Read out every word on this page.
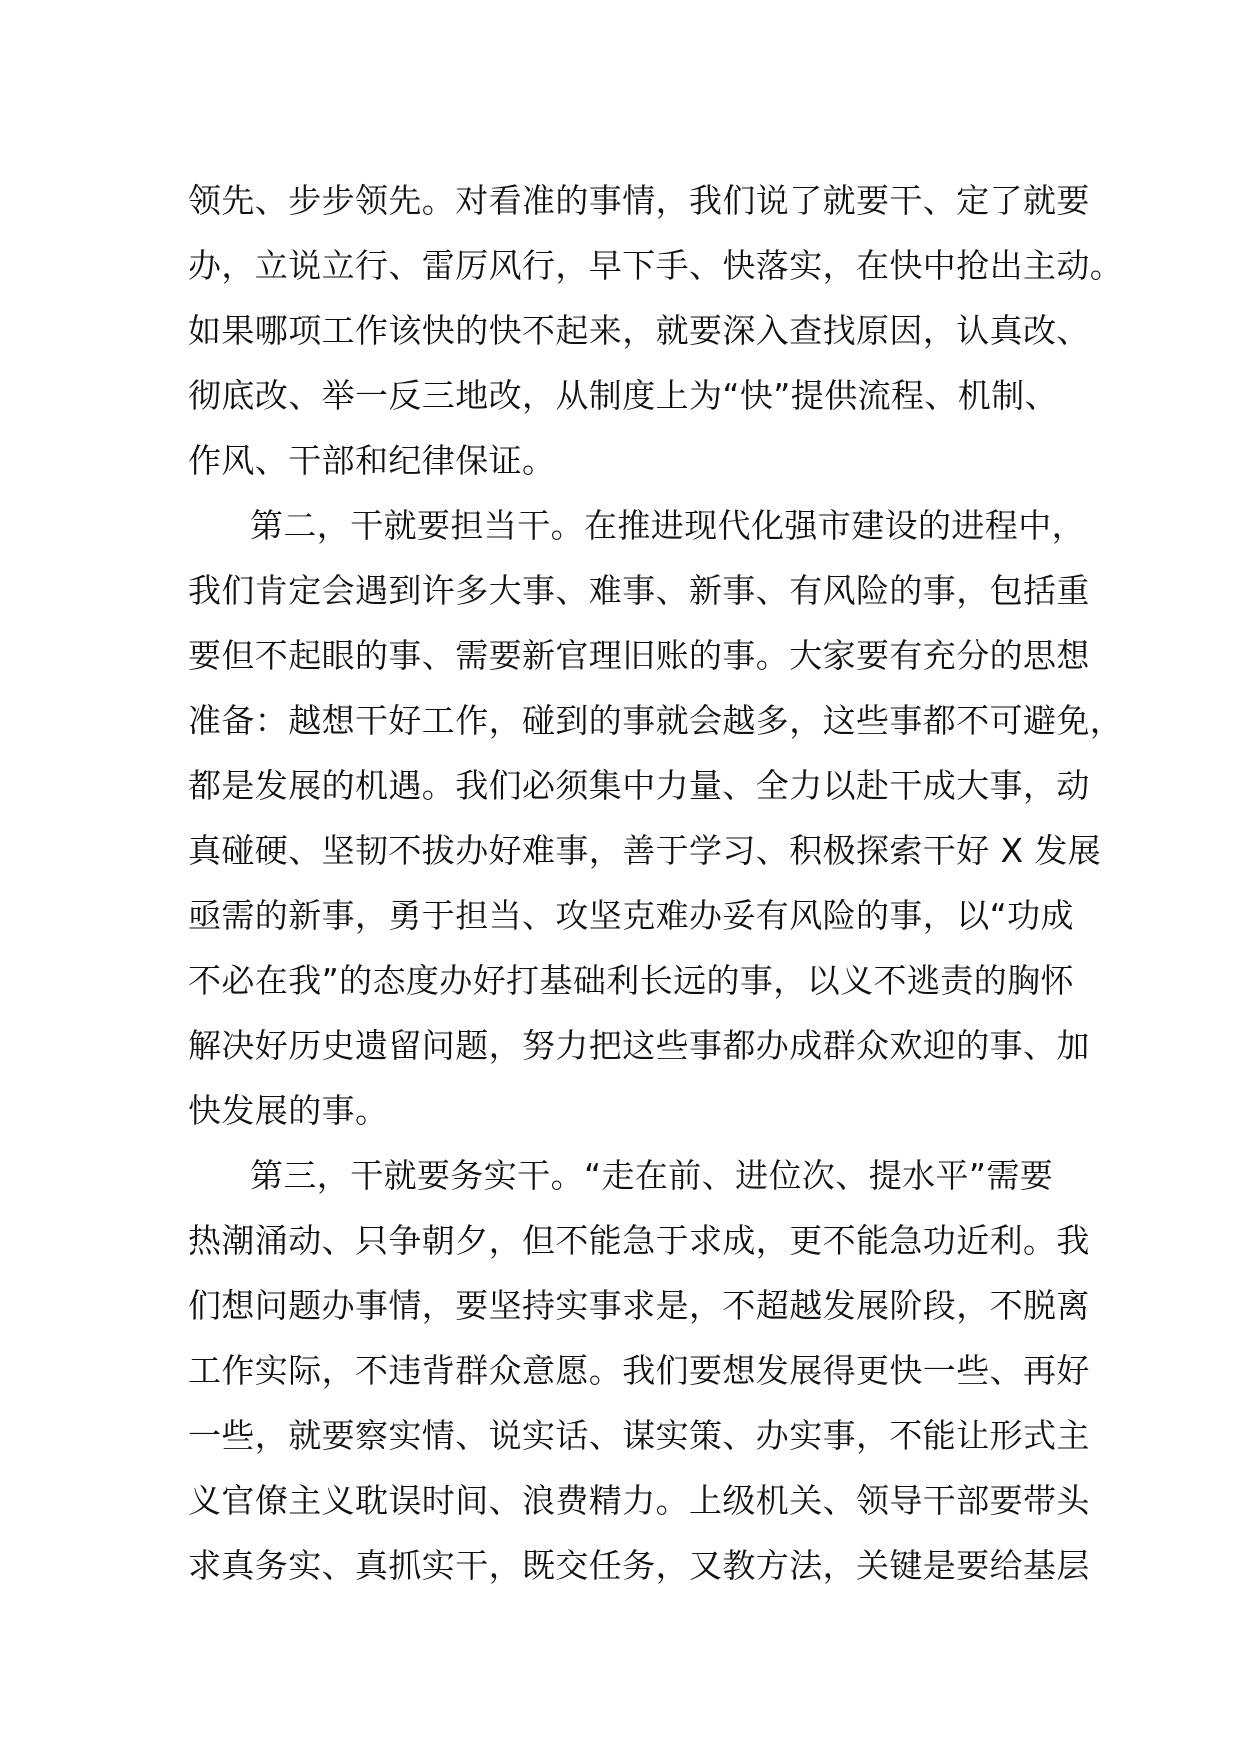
领先、步步领先。对看准的事情，我们说了就要干、定了就要
办，立说立行、雷厉风行，早下手、快落实，在快中抢出主动。
如果哪项工作该快的快不起来，就要深入查找原因，认真改、
彻底改、举一反三地改，从制度上为“快”提供流程、机制、
作风、干部和纪律保证。
第二，干就要担当干。在推进现代化强市建设的进程中，
我们肯定会遇到许多大事、难事、新事、有风险的事，包括重
要但不起眼的事、需要新官理旧账的事。大家要有充分的思想
准备：越想干好工作，碰到的事就会越多，这些事都不可避免，
都是发展的机遇。我们必须集中力量、全力以赴干成大事，动
真碰硬、坚韧不拔办好难事，善于学习、积极探索干好 X 发展
亟需的新事，勇于担当、攻坚克难办妥有风险的事，以“功成
不必在我”的态度办好打基础利长远的事，以义不逃责的胸怀
解决好历史遗留问题，努力把这些事都办成群众欢迎的事、加
快发展的事。
第三，干就要务实干。“走在前、进位次、提水平”需要
热潮涌动、只争朝夕，但不能急于求成，更不能急功近利。我
们想问题办事情，要坚持实事求是，不超越发展阶段，不脱离
工作实际，不违背群众意愿。我们要想发展得更快一些、再好
一些，就要察实情、说实话、谋实策、办实事，不能让形式主
义官僚主义耽误时间、浪费精力。上级机关、领导干部要带头
求真务实、真抓实干，既交任务，又教方法，关键是要给基层
